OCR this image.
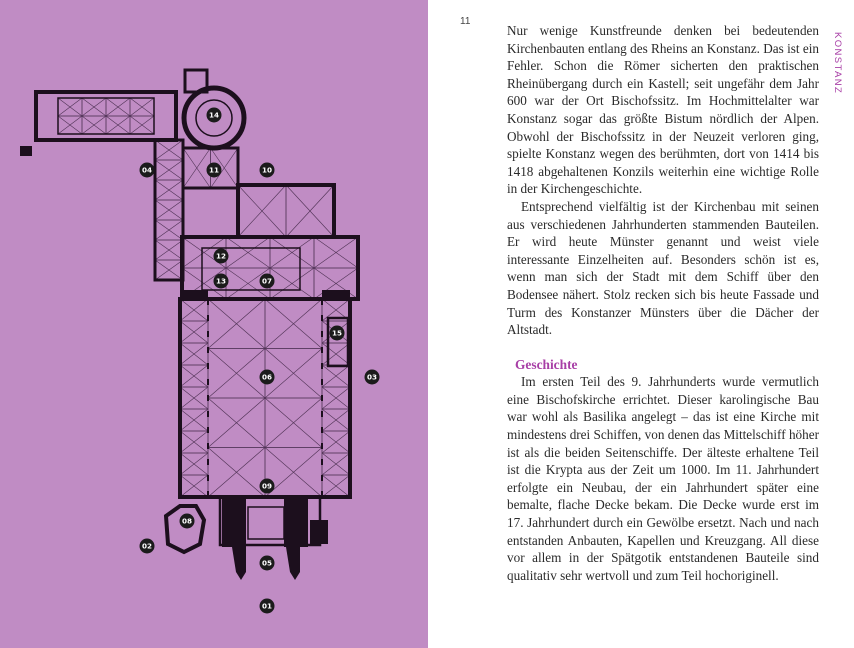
01
02
03
04
05
06
07
08
09
10
11
12
13
14
15
11
KONSTANZ

Nur wenige Kunstfreunde denken bei bedeutenden Kirchenbauten entlang des Rheins an Konstanz. Das ist ein Fehler. Schon die Römer sicherten den praktischen Rheinübergang durch ein Kastell; seit ungefähr dem Jahr 600 war der Ort Bischofssitz. Im Hochmittelalter war Konstanz sogar das größte Bistum nördlich der Alpen. Obwohl der Bischofssitz in der Neuzeit verloren ging, spielte Konstanz wegen des berühmten, dort von 1414 bis 1418 abgehaltenen Konzils weiterhin eine wichtige Rolle in der Kirchengeschichte.

Entsprechend vielfältig ist der Kirchenbau mit seinen aus verschiedenen Jahrhunderten stammenden Bauteilen. Er wird heute Münster genannt und weist viele interessante Einzelheiten auf. Besonders schön ist es, wenn man sich der Stadt mit dem Schiff über den Bodensee nähert. Stolz recken sich bis heute Fassade und Turm des Konstanzer Münsters über die Dächer der Altstadt.

Geschichte

Im ersten Teil des 9. Jahrhunderts wurde vermutlich eine Bischofskirche errichtet. Dieser karolingische Bau war wohl als Basilika angelegt – das ist eine Kirche mit mindestens drei Schiffen, von denen das Mittelschiff höher ist als die beiden Seitenschiffe. Der älteste erhaltene Teil ist die Krypta aus der Zeit um 1000. Im 11. Jahrhundert erfolgte ein Neubau, der ein Jahrhundert später eine bemalte, flache Decke bekam. Die Decke wurde erst im 17. Jahrhundert durch ein Gewölbe ersetzt. Nach und nach entstanden Anbauten, Kapellen und Kreuzgang. All diese vor allem in der Spätgotik entstandenen Bauteile sind qualitativ sehr wertvoll und zum Teil hochoriginell.
